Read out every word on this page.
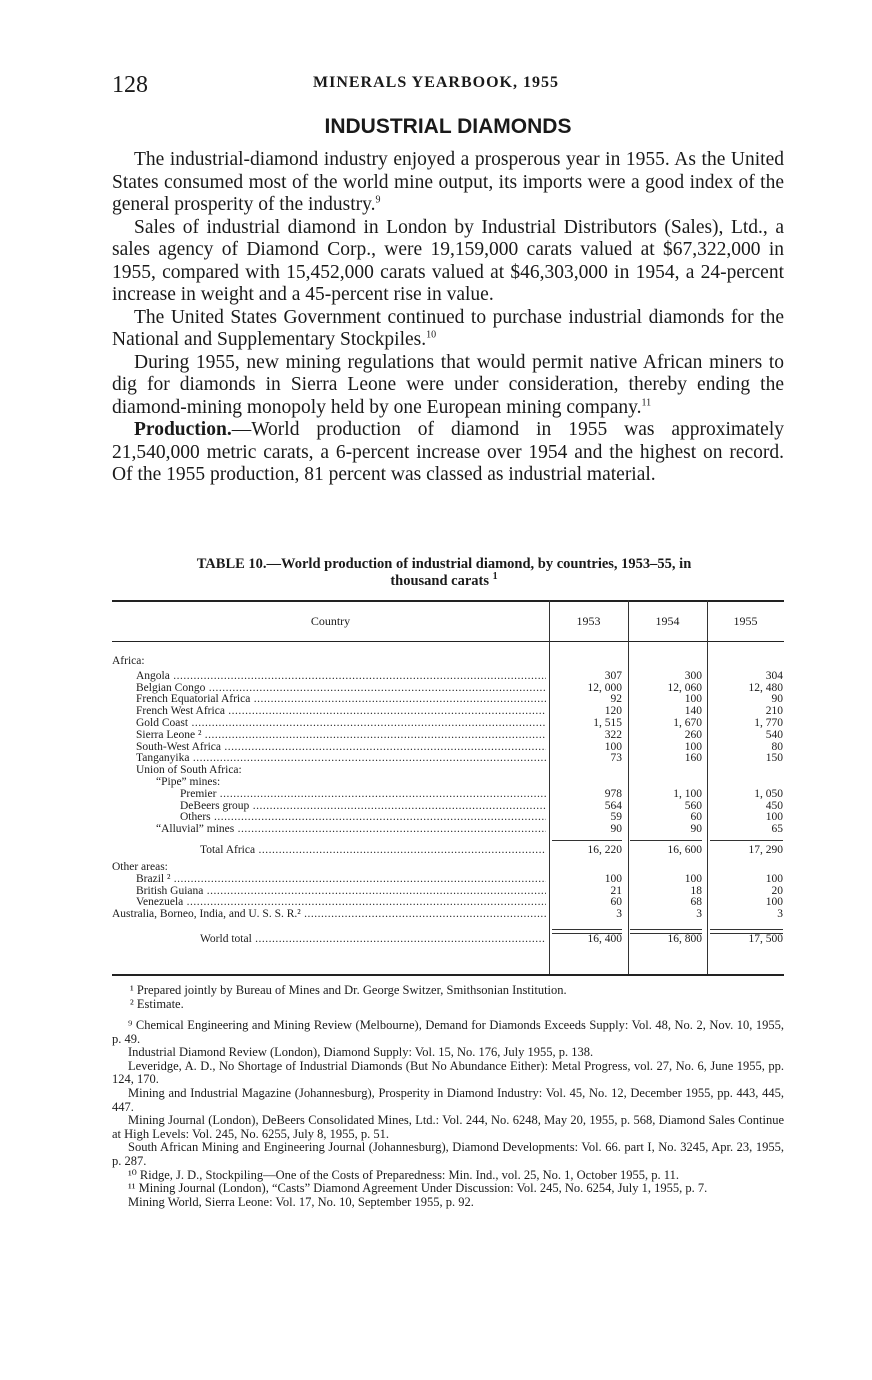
128	MINERALS YEARBOOK, 1955
INDUSTRIAL DIAMONDS

The industrial-diamond industry enjoyed a prosperous year in 1955. As the United States consumed most of the world mine output, its imports were a good index of the general prosperity of the industry.$^9$

Sales of industrial diamond in London by Industrial Distributors (Sales), Ltd., a sales agency of Diamond Corp., were 19,159,000 carats valued at $67,322,000 in 1955, compared with 15,452,000 carats valued at $46,303,000 in 1954, a 24-percent increase in weight and a 45-percent rise in value.

The United States Government continued to purchase industrial diamonds for the National and Supplementary Stockpiles.$^{10}$

During 1955, new mining regulations that would permit native African miners to dig for diamonds in Sierra Leone were under consideration, thereby ending the diamond-mining monopoly held by one European mining company.$^{11}$

Production.—World production of diamond in 1955 was approximately 21,540,000 metric carats, a 6-percent increase over 1954 and the highest on record. Of the 1955 production, 81 percent was classed as industrial material.

TABLE 10.—World production of industrial diamond, by countries, 1953–55, in
thousand carats $^1$
Country	1953	1954	1955
Africa:
Angola .....	307	300	304
Belgian Congo .....	12, 000	12, 060	12, 480
French Equatorial Africa .....	92	100	90
French West Africa .....	120	140	210
Gold Coast .....	1, 515	1, 670	1, 770
Sierra Leone ² .....	322	260	540
South-West Africa .....	100	100	80
Tanganyika .....	73	160	150
Union of South Africa:
“Pipe” mines:
Premier .....	978	1, 100	1, 050
DeBeers group .....	564	560	450
Others .....	59	60	100
“Alluvial” mines .....	90	90	65
Total Africa .....	16, 220	16, 600	17, 290
Other areas:
Brazil ² .....	100	100	100
British Guiana .....	21	18	20
Venezuela .....	60	68	100
Australia, Borneo, India, and U. S. S. R.² .....	3	3	3
World total .....	16, 400	16, 800	17, 500
¹ Prepared jointly by Bureau of Mines and Dr. George Switzer, Smithsonian Institution.
² Estimate.
⁹ Chemical Engineering and Mining Review (Melbourne), Demand for Diamonds Exceeds Supply: Vol. 48, No. 2, Nov. 10, 1955, p. 49.
Industrial Diamond Review (London), Diamond Supply: Vol. 15, No. 176, July 1955, p. 138.
Leveridge, A. D., No Shortage of Industrial Diamonds (But No Abundance Either): Metal Progress, vol. 27, No. 6, June 1955, pp. 124, 170.
Mining and Industrial Magazine (Johannesburg), Prosperity in Diamond Industry: Vol. 45, No. 12, December 1955, pp. 443, 445, 447.
Mining Journal (London), DeBeers Consolidated Mines, Ltd.: Vol. 244, No. 6248, May 20, 1955, p. 568, Diamond Sales Continue at High Levels: Vol. 245, No. 6255, July 8, 1955, p. 51.
South African Mining and Engineering Journal (Johannesburg), Diamond Developments: Vol. 66. part I, No. 3245, Apr. 23, 1955, p. 287.
¹⁰ Ridge, J. D., Stockpiling—One of the Costs of Preparedness: Min. Ind., vol. 25, No. 1, October 1955, p. 11.
¹¹ Mining Journal (London), “Casts” Diamond Agreement Under Discussion: Vol. 245, No. 6254, July 1, 1955, p. 7.
Mining World, Sierra Leone: Vol. 17, No. 10, September 1955, p. 92.
